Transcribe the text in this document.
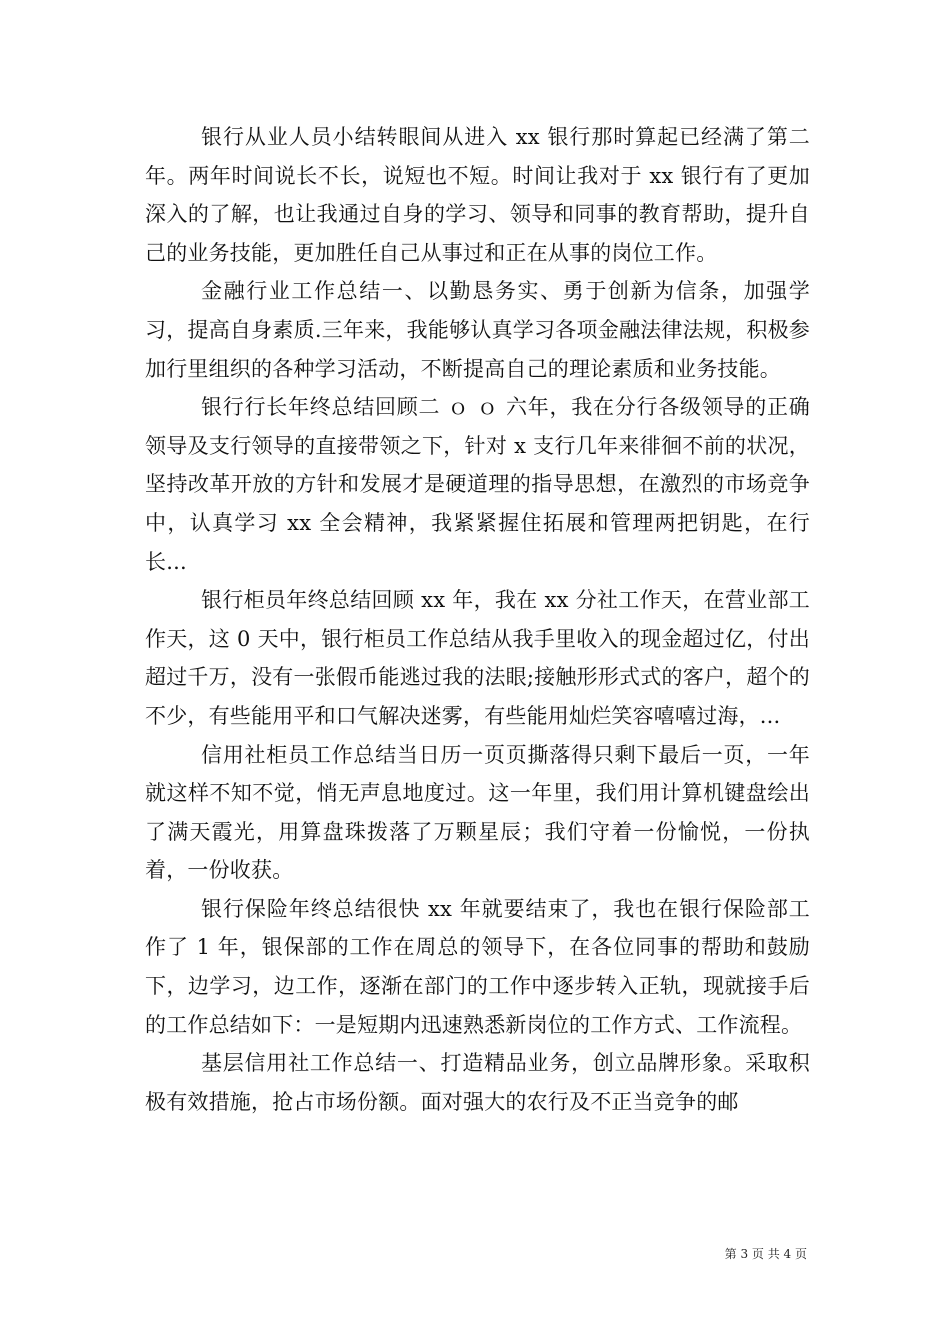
银行从业人员小结转眼间从进入 xx 银行那时算起已经满了第二年。两年时间说长不长，说短也不短。时间让我对于 xx 银行有了更加深入的了解，也让我通过自身的学习、领导和同事的教育帮助，提升自己的业务技能，更加胜任自己从事过和正在从事的岗位工作。

金融行业工作总结一、以勤恳务实、勇于创新为信条，加强学习，提高自身素质.三年来，我能够认真学习各项金融法律法规，积极参加行里组织的各种学习活动，不断提高自己的理论素质和业务技能。

银行行长年终总结回顾二 ｏ ｏ 六年，我在分行各级领导的正确领导及支行领导的直接带领之下，针对 x 支行几年来徘徊不前的状况，坚持改革开放的方针和发展才是硬道理的指导思想，在激烈的市场竞争中，认真学习 xx 全会精神，我紧紧握住拓展和管理两把钥匙，在行长...

银行柜员年终总结回顾 xx 年，我在 xx 分社工作天，在营业部工作天，这 0 天中，银行柜员工作总结从我手里收入的现金超过亿，付出超过千万，没有一张假币能逃过我的法眼;接触形形式式的客户，超个的不少，有些能用平和口气解决迷雾，有些能用灿烂笑容嘻嘻过海，...

信用社柜员工作总结当日历一页页撕落得只剩下最后一页，一年就这样不知不觉，悄无声息地度过。这一年里，我们用计算机键盘绘出了满天霞光，用算盘珠拨落了万颗星辰；我们守着一份愉悦，一份执着，一份收获。

银行保险年终总结很快 xx 年就要结束了，我也在银行保险部工作了 1 年，银保部的工作在周总的领导下，在各位同事的帮助和鼓励下，边学习，边工作，逐渐在部门的工作中逐步转入正轨，现就接手后的工作总结如下：一是短期内迅速熟悉新岗位的工作方式、工作流程。

基层信用社工作总结一、打造精品业务，创立品牌形象。采取积极有效措施，抢占市场份额。面对强大的农行及不正当竞争的邮

第 3 页 共 4 页
